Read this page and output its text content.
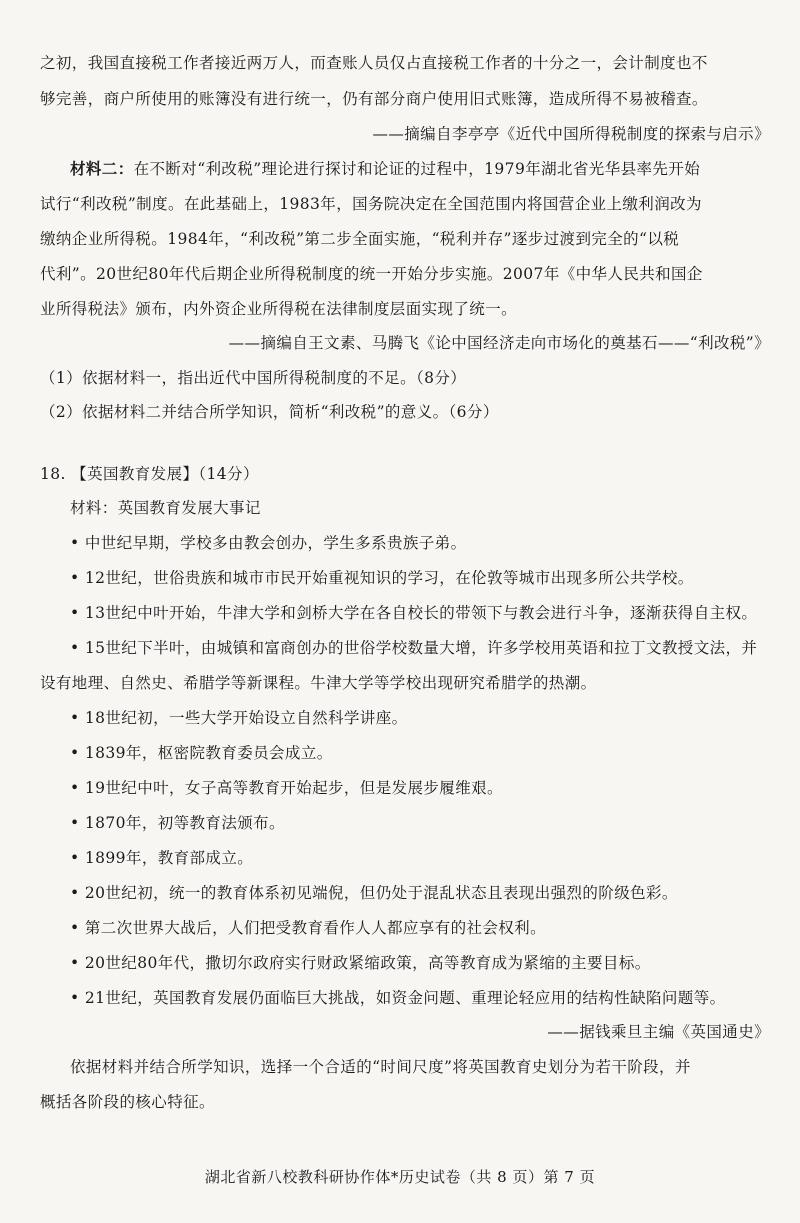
之初，我国直接税工作者接近两万人，而查账人员仅占直接税工作者的十分之一，会计制度也不
够完善，商户所使用的账簿没有进行统一，仍有部分商户使用旧式账簿，造成所得不易被稽查。
——摘编自李亭亭《近代中国所得税制度的探索与启示》
材料二：在不断对“利改税”理论进行探讨和论证的过程中，1979年湖北省光华县率先开始
试行“利改税”制度。在此基础上，1983年，国务院决定在全国范围内将国营企业上缴利润改为
缴纳企业所得税。1984年，“利改税”第二步全面实施，“税利并存”逐步过渡到完全的“以税
代利”。20世纪80年代后期企业所得税制度的统一开始分步实施。2007年《中华人民共和国企
业所得税法》颁布，内外资企业所得税在法律制度层面实现了统一。
——摘编自王文素、马腾飞《论中国经济走向市场化的奠基石——“利改税”》
（1）依据材料一，指出近代中国所得税制度的不足。（8分）
（2）依据材料二并结合所学知识，简析“利改税”的意义。（6分）
18. 【英国教育发展】（14分）
材料：英国教育发展大事记
• 中世纪早期，学校多由教会创办，学生多系贵族子弟。
• 12世纪，世俗贵族和城市市民开始重视知识的学习，在伦敦等城市出现多所公共学校。
• 13世纪中叶开始，牛津大学和剑桥大学在各自校长的带领下与教会进行斗争，逐渐获得自主权。
• 15世纪下半叶，由城镇和富商创办的世俗学校数量大增，许多学校用英语和拉丁文教授文法，并
设有地理、自然史、希腊学等新课程。牛津大学等学校出现研究希腊学的热潮。
• 18世纪初，一些大学开始设立自然科学讲座。
• 1839年，枢密院教育委员会成立。
• 19世纪中叶，女子高等教育开始起步，但是发展步履维艰。
• 1870年，初等教育法颁布。
• 1899年，教育部成立。
• 20世纪初，统一的教育体系初见端倪，但仍处于混乱状态且表现出强烈的阶级色彩。
• 第二次世界大战后，人们把受教育看作人人都应享有的社会权利。
• 20世纪80年代，撒切尔政府实行财政紧缩政策，高等教育成为紧缩的主要目标。
• 21世纪，英国教育发展仍面临巨大挑战，如资金问题、重理论轻应用的结构性缺陷问题等。
——据钱乘旦主编《英国通史》
依据材料并结合所学知识，选择一个合适的“时间尺度”将英国教育史划分为若干阶段，并
概括各阶段的核心特征。
湖北省新八校教科研协作体*历史试卷（共 8 页）第 7 页
